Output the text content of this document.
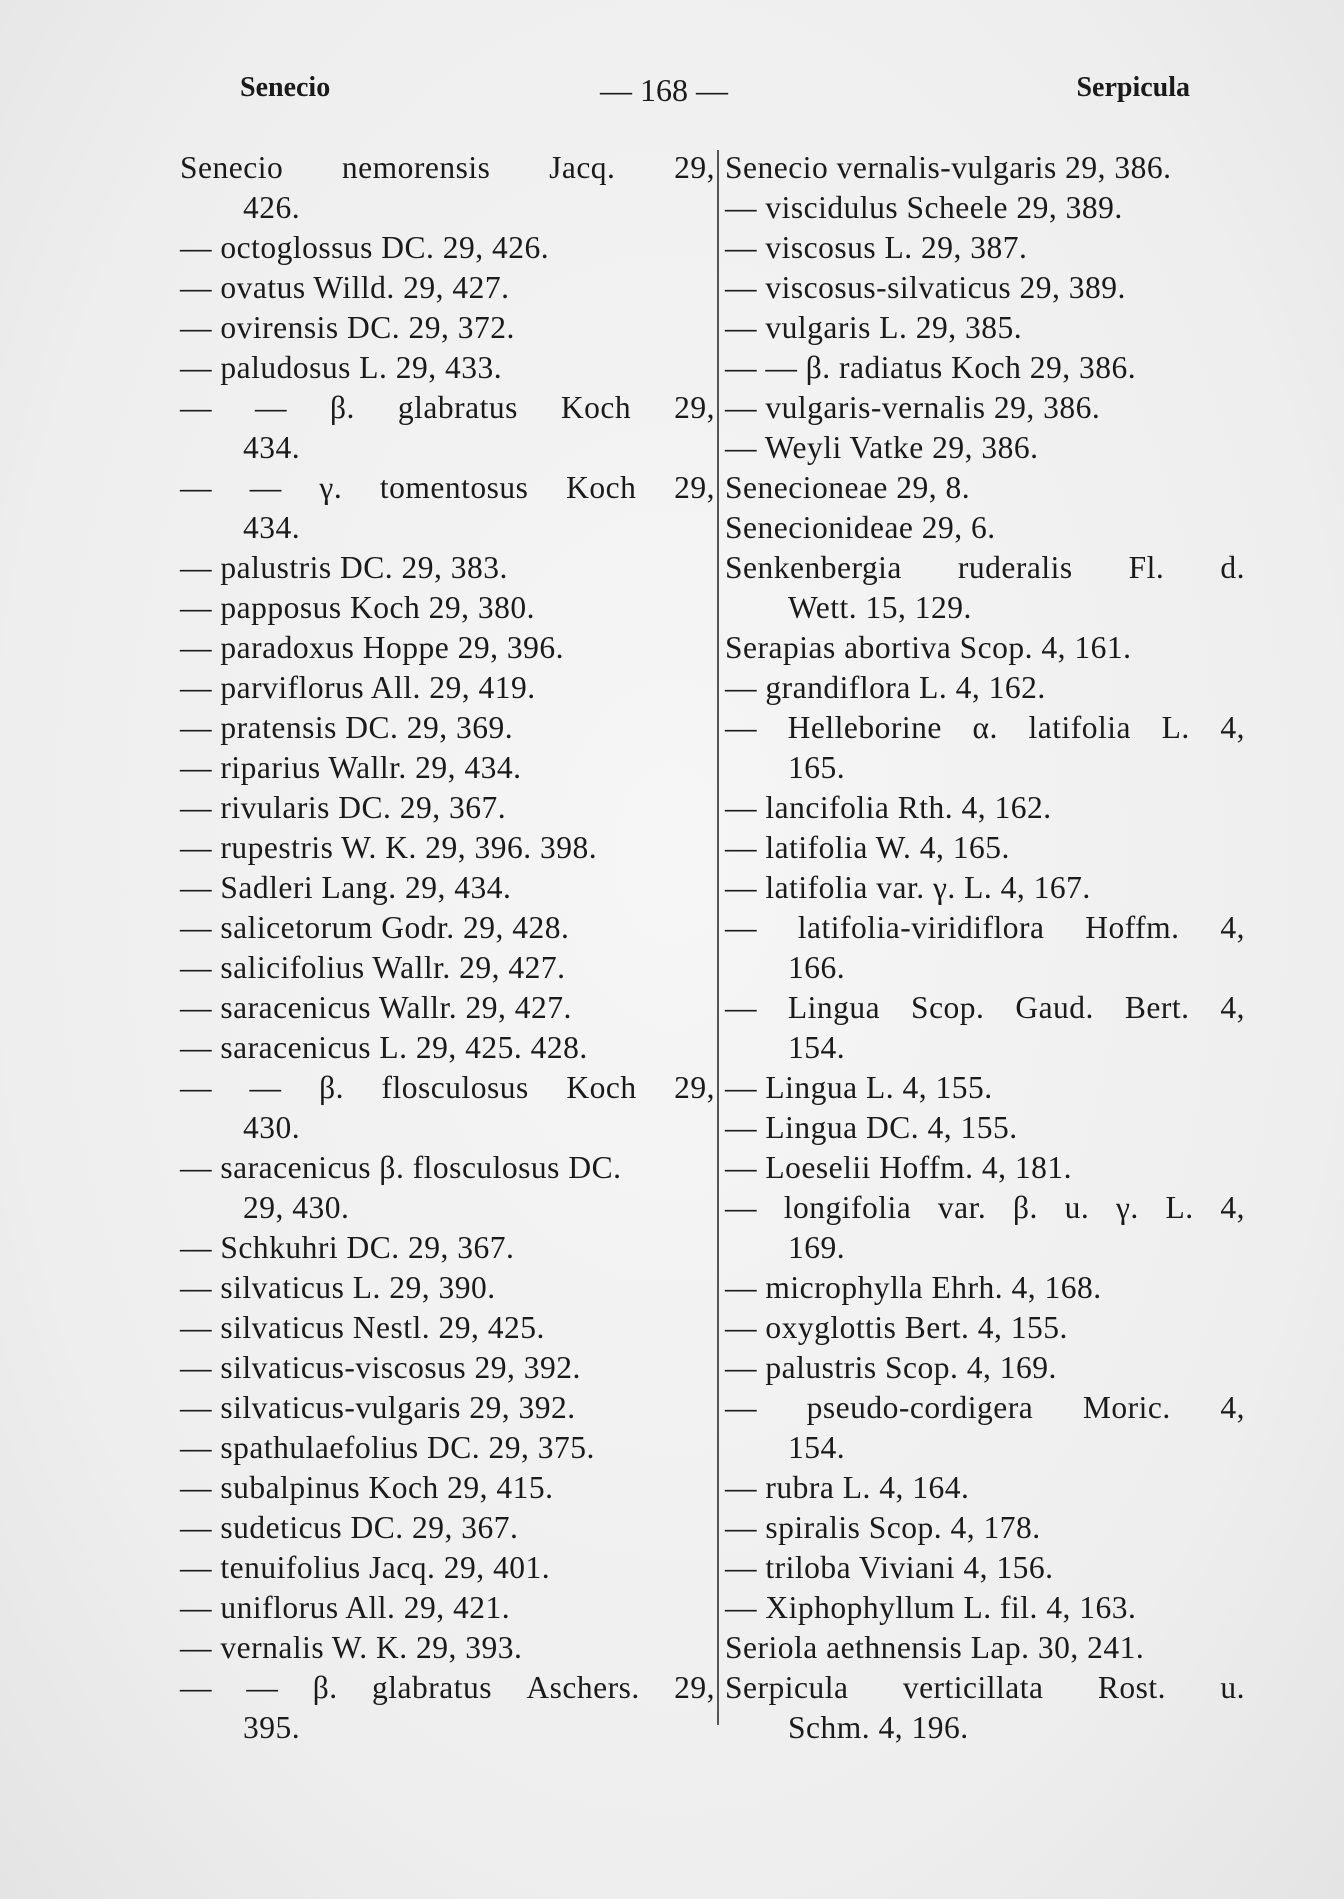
Senecio	— 168 —	Serpicula
Senecio nemorensis Jacq. 29,
426.
— octoglossus DC. 29, 426.
— ovatus Willd. 29, 427.
— ovirensis DC. 29, 372.
— paludosus L. 29, 433.
— — β. glabratus Koch 29,
434.
— — γ. tomentosus Koch 29,
434.
— palustris DC. 29, 383.
— papposus Koch 29, 380.
— paradoxus Hoppe 29, 396.
— parviflorus All. 29, 419.
— pratensis DC. 29, 369.
— riparius Wallr. 29, 434.
— rivularis DC. 29, 367.
— rupestris W. K. 29, 396. 398.
— Sadleri Lang. 29, 434.
— salicetorum Godr. 29, 428.
— salicifolius Wallr. 29, 427.
— saracenicus Wallr. 29, 427.
— saracenicus L. 29, 425. 428.
— — β. flosculosus Koch 29,
430.
— saracenicus β. flosculosus DC.
29, 430.
— Schkuhri DC. 29, 367.
— silvaticus L. 29, 390.
— silvaticus Nestl. 29, 425.
— silvaticus-viscosus 29, 392.
— silvaticus-vulgaris 29, 392.
— spathulaefolius DC. 29, 375.
— subalpinus Koch 29, 415.
— sudeticus DC. 29, 367.
— tenuifolius Jacq. 29, 401.
— uniflorus All. 29, 421.
— vernalis W. K. 29, 393.
— — β. glabratus Aschers. 29,
395.
Senecio vernalis-vulgaris 29, 386.
— viscidulus Scheele 29, 389.
— viscosus L. 29, 387.
— viscosus-silvaticus 29, 389.
— vulgaris L. 29, 385.
— — β. radiatus Koch 29, 386.
— vulgaris-vernalis 29, 386.
— Weyli Vatke 29, 386.
Senecioneae 29, 8.
Senecionideae 29, 6.
Senkenbergia ruderalis Fl. d.
Wett. 15, 129.
Serapias abortiva Scop. 4, 161.
— grandiflora L. 4, 162.
— Helleborine α. latifolia L. 4,
165.
— lancifolia Rth. 4, 162.
— latifolia W. 4, 165.
— latifolia var. γ. L. 4, 167.
— latifolia-viridiflora Hoffm. 4,
166.
— Lingua Scop. Gaud. Bert. 4,
154.
— Lingua L. 4, 155.
— Lingua DC. 4, 155.
— Loeselii Hoffm. 4, 181.
— longifolia var. β. u. γ. L. 4,
169.
— microphylla Ehrh. 4, 168.
— oxyglottis Bert. 4, 155.
— palustris Scop. 4, 169.
— pseudo-cordigera Moric. 4,
154.
— rubra L. 4, 164.
— spiralis Scop. 4, 178.
— triloba Viviani 4, 156.
— Xiphophyllum L. fil. 4, 163.
Seriola aethnensis Lap. 30, 241.
Serpicula verticillata Rost. u.
Schm. 4, 196.
